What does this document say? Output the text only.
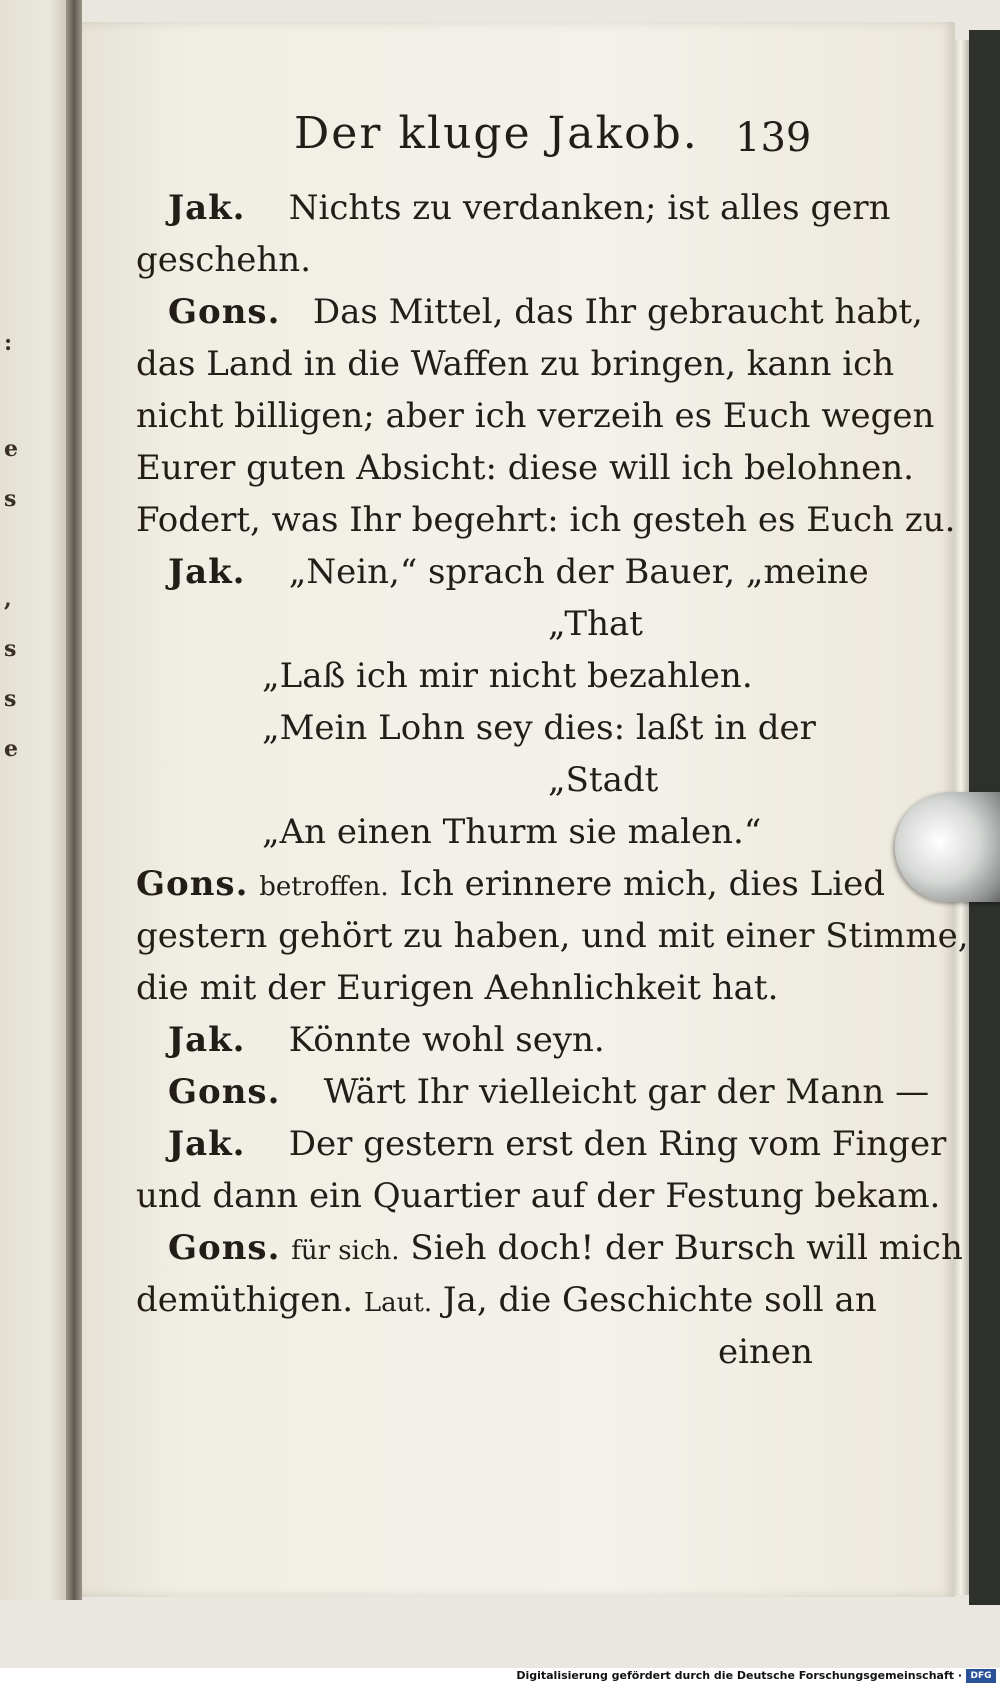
:
e
s
,
s
s
e
Der kluge Jakob. 139
Jak. Nichts zu verdanken; ist alles gern
geschehn.
Gons. Das Mittel, das Ihr gebraucht habt,
das Land in die Waffen zu bringen, kann ich
nicht billigen; aber ich verzeih es Euch wegen
Eurer guten Absicht: diese will ich belohnen.
Fodert, was Ihr begehrt: ich gesteh es Euch zu.
Jak. „Nein,“ sprach der Bauer, „meine
„That
„Laß ich mir nicht bezahlen.
„Mein Lohn sey dies: laßt in der
„Stadt
„An einen Thurm sie malen.“
Gons. betroffen. Ich erinnere mich, dies Lied
gestern gehört zu haben, und mit einer Stimme,
die mit der Eurigen Aehnlichkeit hat.
Jak. Könnte wohl seyn.
Gons. Wärt Ihr vielleicht gar der Mann —
Jak. Der gestern erst den Ring vom Finger
und dann ein Quartier auf der Festung bekam.
Gons. für sich. Sieh doch! der Bursch will mich
demüthigen. Laut. Ja, die Geschichte soll an
einen
Digitalisierung gefördert durch die Deutsche Forschungsgemeinschaft · DFG
